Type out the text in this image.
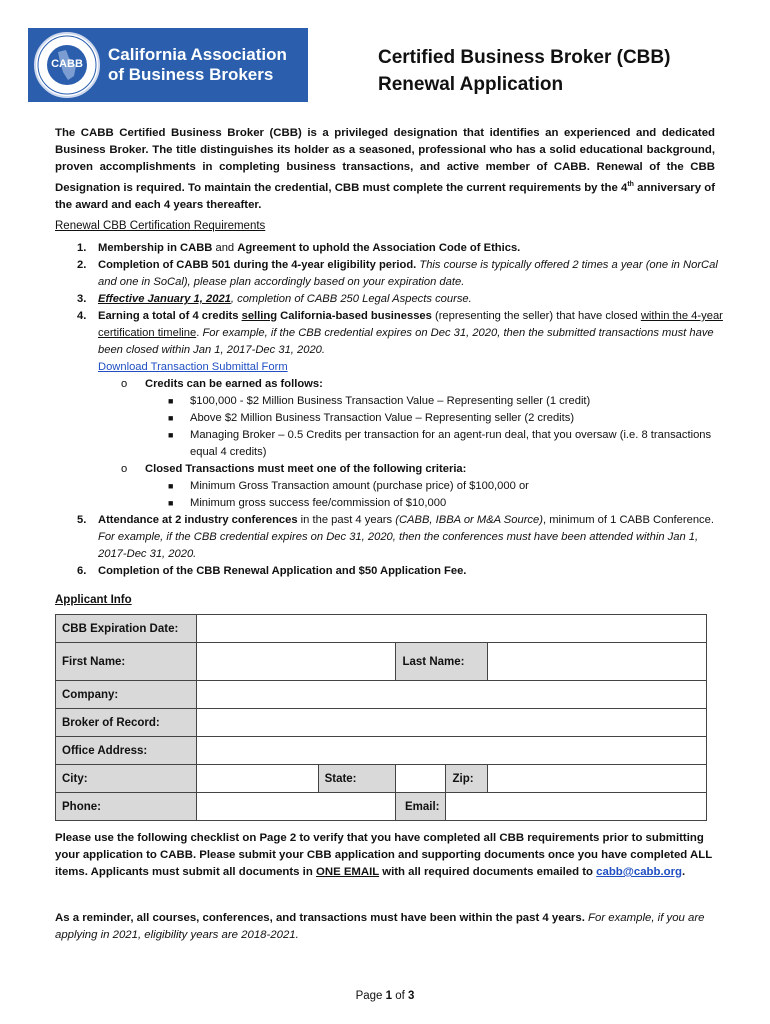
CABB	California Association
of Business Brokers
Certified Business Broker (CBB)
Renewal Application
The CABB Certified Business Broker (CBB) is a privileged designation that identifies an experienced and dedicated Business Broker. The title distinguishes its holder as a seasoned, professional who has a solid educational background, proven accomplishments in completing business transactions, and active member of CABB. Renewal of the CBB Designation is required. To maintain the credential, CBB must complete the current requirements by the 4th anniversary of the award and each 4 years thereafter.
Renewal CBB Certification Requirements
1. Membership in CABB and Agreement to uphold the Association Code of Ethics.
2. Completion of CABB 501 during the 4-year eligibility period. This course is typically offered 2 times a year (one in NorCal and one in SoCal), please plan accordingly based on your expiration date.
3. Effective January 1, 2021, completion of CABB 250 Legal Aspects course.
4. Earning a total of 4 credits selling California-based businesses (representing the seller) that have closed within the 4-year certification timeline. For example, if the CBB credential expires on Dec 31, 2020, then the submitted transactions must have been closed within Jan 1, 2017-Dec 31, 2020.
Download Transaction Submittal Form
o Credits can be earned as follows:
■ $100,000 - $2 Million Business Transaction Value – Representing seller (1 credit)
■ Above $2 Million Business Transaction Value – Representing seller (2 credits)
■ Managing Broker – 0.5 Credits per transaction for an agent-run deal, that you oversaw (i.e. 8 transactions equal 4 credits)
o Closed Transactions must meet one of the following criteria:
■ Minimum Gross Transaction amount (purchase price) of $100,000 or
■ Minimum gross success fee/commission of $10,000
5. Attendance at 2 industry conferences in the past 4 years (CABB, IBBA or M&A Source), minimum of 1 CABB Conference. For example, if the CBB credential expires on Dec 31, 2020, then the conferences must have been attended within Jan 1, 2017-Dec 31, 2020.
6. Completion of the CBB Renewal Application and $50 Application Fee.
Applicant Info
CBB Expiration Date:					
First Name:			Last Name:		
Company:					
Broker of Record:					
Office Address:					
City:		State:		Zip:	
Phone:			Email:		
Please use the following checklist on Page 2 to verify that you have completed all CBB requirements prior to submitting your application to CABB. Please submit your CBB application and supporting documents once you have completed ALL items. Applicants must submit all documents in ONE EMAIL with all required documents emailed to cabb@cabb.org.
As a reminder, all courses, conferences, and transactions must have been within the past 4 years. For example, if you are applying in 2021, eligibility years are 2018-2021.
Page 1 of 3
